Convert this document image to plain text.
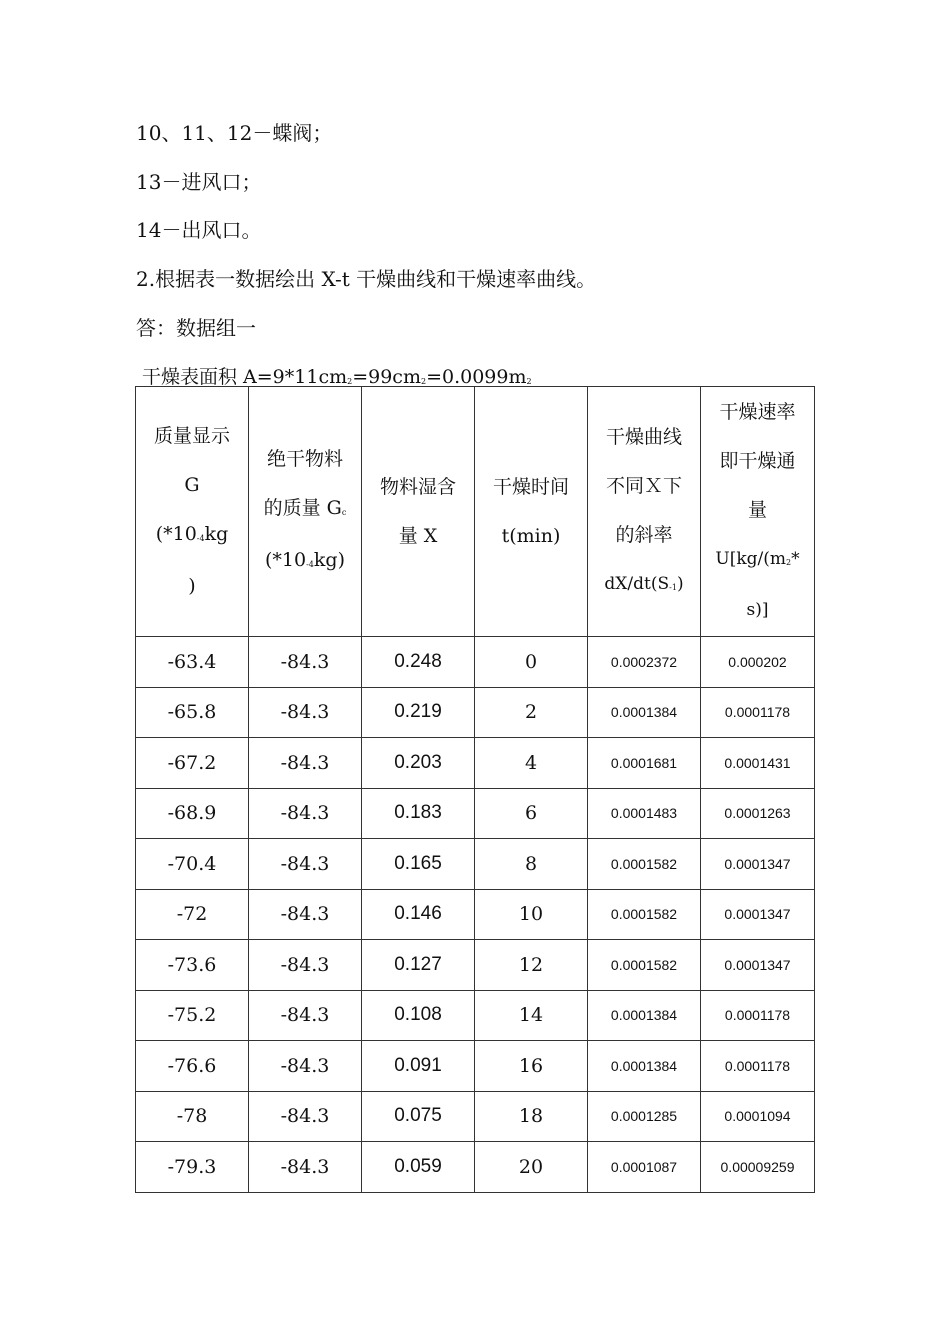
10、11、12－蝶阀；
13－进风口；
14－出风口。
2.根据表一数据绘出 X-t 干燥曲线和干燥速率曲线。
答：数据组一
干燥表面积 $A=9*11cm_2=99cm_2=0.0099m_2$
质量显示
G
($*10_{-4}kg$
)	绝干物料
的质量 $G_c$
$(*10_{-4}kg)$	物料湿含
量 X	干燥时间
t(min)	干燥曲线
不同Ｘ下
的斜率
$dX/dt(S_{-1})$	干燥速率
即干燥通
量
$U[kg/(m_2*$
s)]

-63.4	-84.3	0.248	0	0.0002372	0.000202
-65.8	-84.3	0.219	2	0.0001384	0.0001178
-67.2	-84.3	0.203	4	0.0001681	0.0001431
-68.9	-84.3	0.183	6	0.0001483	0.0001263
-70.4	-84.3	0.165	8	0.0001582	0.0001347
-72	-84.3	0.146	10	0.0001582	0.0001347
-73.6	-84.3	0.127	12	0.0001582	0.0001347
-75.2	-84.3	0.108	14	0.0001384	0.0001178
-76.6	-84.3	0.091	16	0.0001384	0.0001178
-78	-84.3	0.075	18	0.0001285	0.0001094
-79.3	-84.3	0.059	20	0.0001087	0.00009259
